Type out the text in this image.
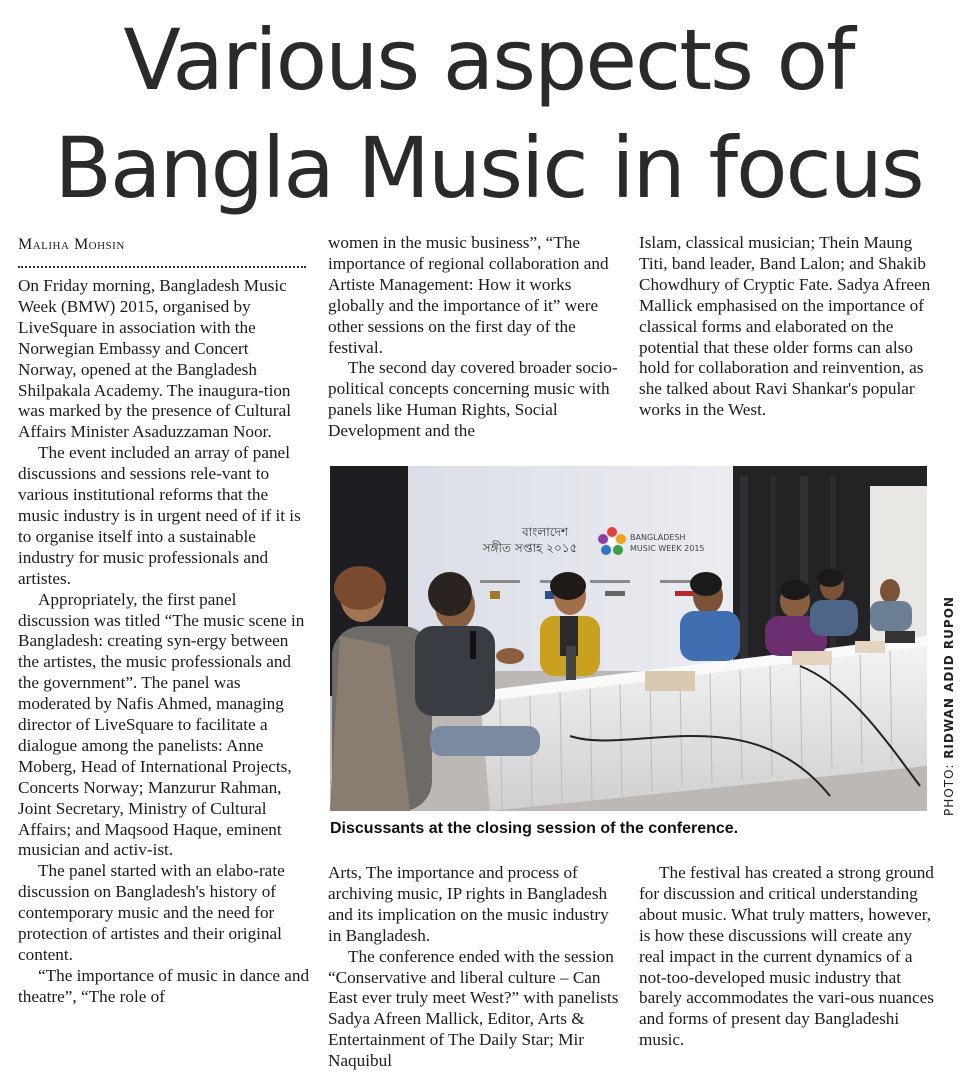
Various aspects of
Bangla Music in focus
Maliha Mohsin

On Friday morning, Bangladesh Music Week (BMW) 2015, organised by LiveSquare in association with the Norwegian Embassy and Concert Norway, opened at the Bangladesh Shilpakala Academy. The inaugura-tion was marked by the presence of Cultural Affairs Minister Asaduzzaman Noor.

The event included an array of panel discussions and sessions rele-vant to various institutional reforms that the music industry is in urgent need of if it is to organise itself into a sustainable industry for music professionals and artistes.

Appropriately, the first panel discussion was titled “The music scene in Bangladesh: creating syn-ergy between the artistes, the music professionals and the government”. The panel was moderated by Nafis Ahmed, managing director of LiveSquare to facilitate a dialogue among the panelists: Anne Moberg, Head of International Projects, Concerts Norway; Manzurur Rahman, Joint Secretary, Ministry of Cultural Affairs; and Maqsood Haque, eminent musician and activ-ist.

The panel started with an elabo-rate discussion on Bangladesh's history of contemporary music and the need for protection of artistes and their original content.

“The importance of music in dance and theatre”, “The role of

women in the music business”, “The importance of regional collaboration and Artiste Management: How it works globally and the importance of it” were other sessions on the first day of the festival.

The second day covered broader socio-political concepts concerning music with panels like Human Rights, Social Development and the

Islam, classical musician; Thein Maung Titi, band leader, Band Lalon; and Shakib Chowdhury of Cryptic Fate. Sadya Afreen Mallick emphasised on the importance of classical forms and elaborated on the potential that these older forms can also hold for collaboration and reinvention, as she talked about Ravi Shankar's popular works in the West.

বাংলাদেশ
সঙ্গীত সপ্তাহ ২০১৫
BANGLADESH
MUSIC WEEK 2015
PHOTO: RIDWAN ADID RUPON
Discussants at the closing session of the conference.

Arts, The importance and process of archiving music, IP rights in Bangladesh and its implication on the music industry in Bangladesh.

The conference ended with the session “Conservative and liberal culture – Can East ever truly meet West?” with panelists Sadya Afreen Mallick, Editor, Arts & Entertainment of The Daily Star; Mir Naquibul

The festival has created a strong ground for discussion and critical understanding about music. What truly matters, however, is how these discussions will create any real impact in the current dynamics of a not-too-developed music industry that barely accommodates the vari-ous nuances and forms of present day Bangladeshi music.
